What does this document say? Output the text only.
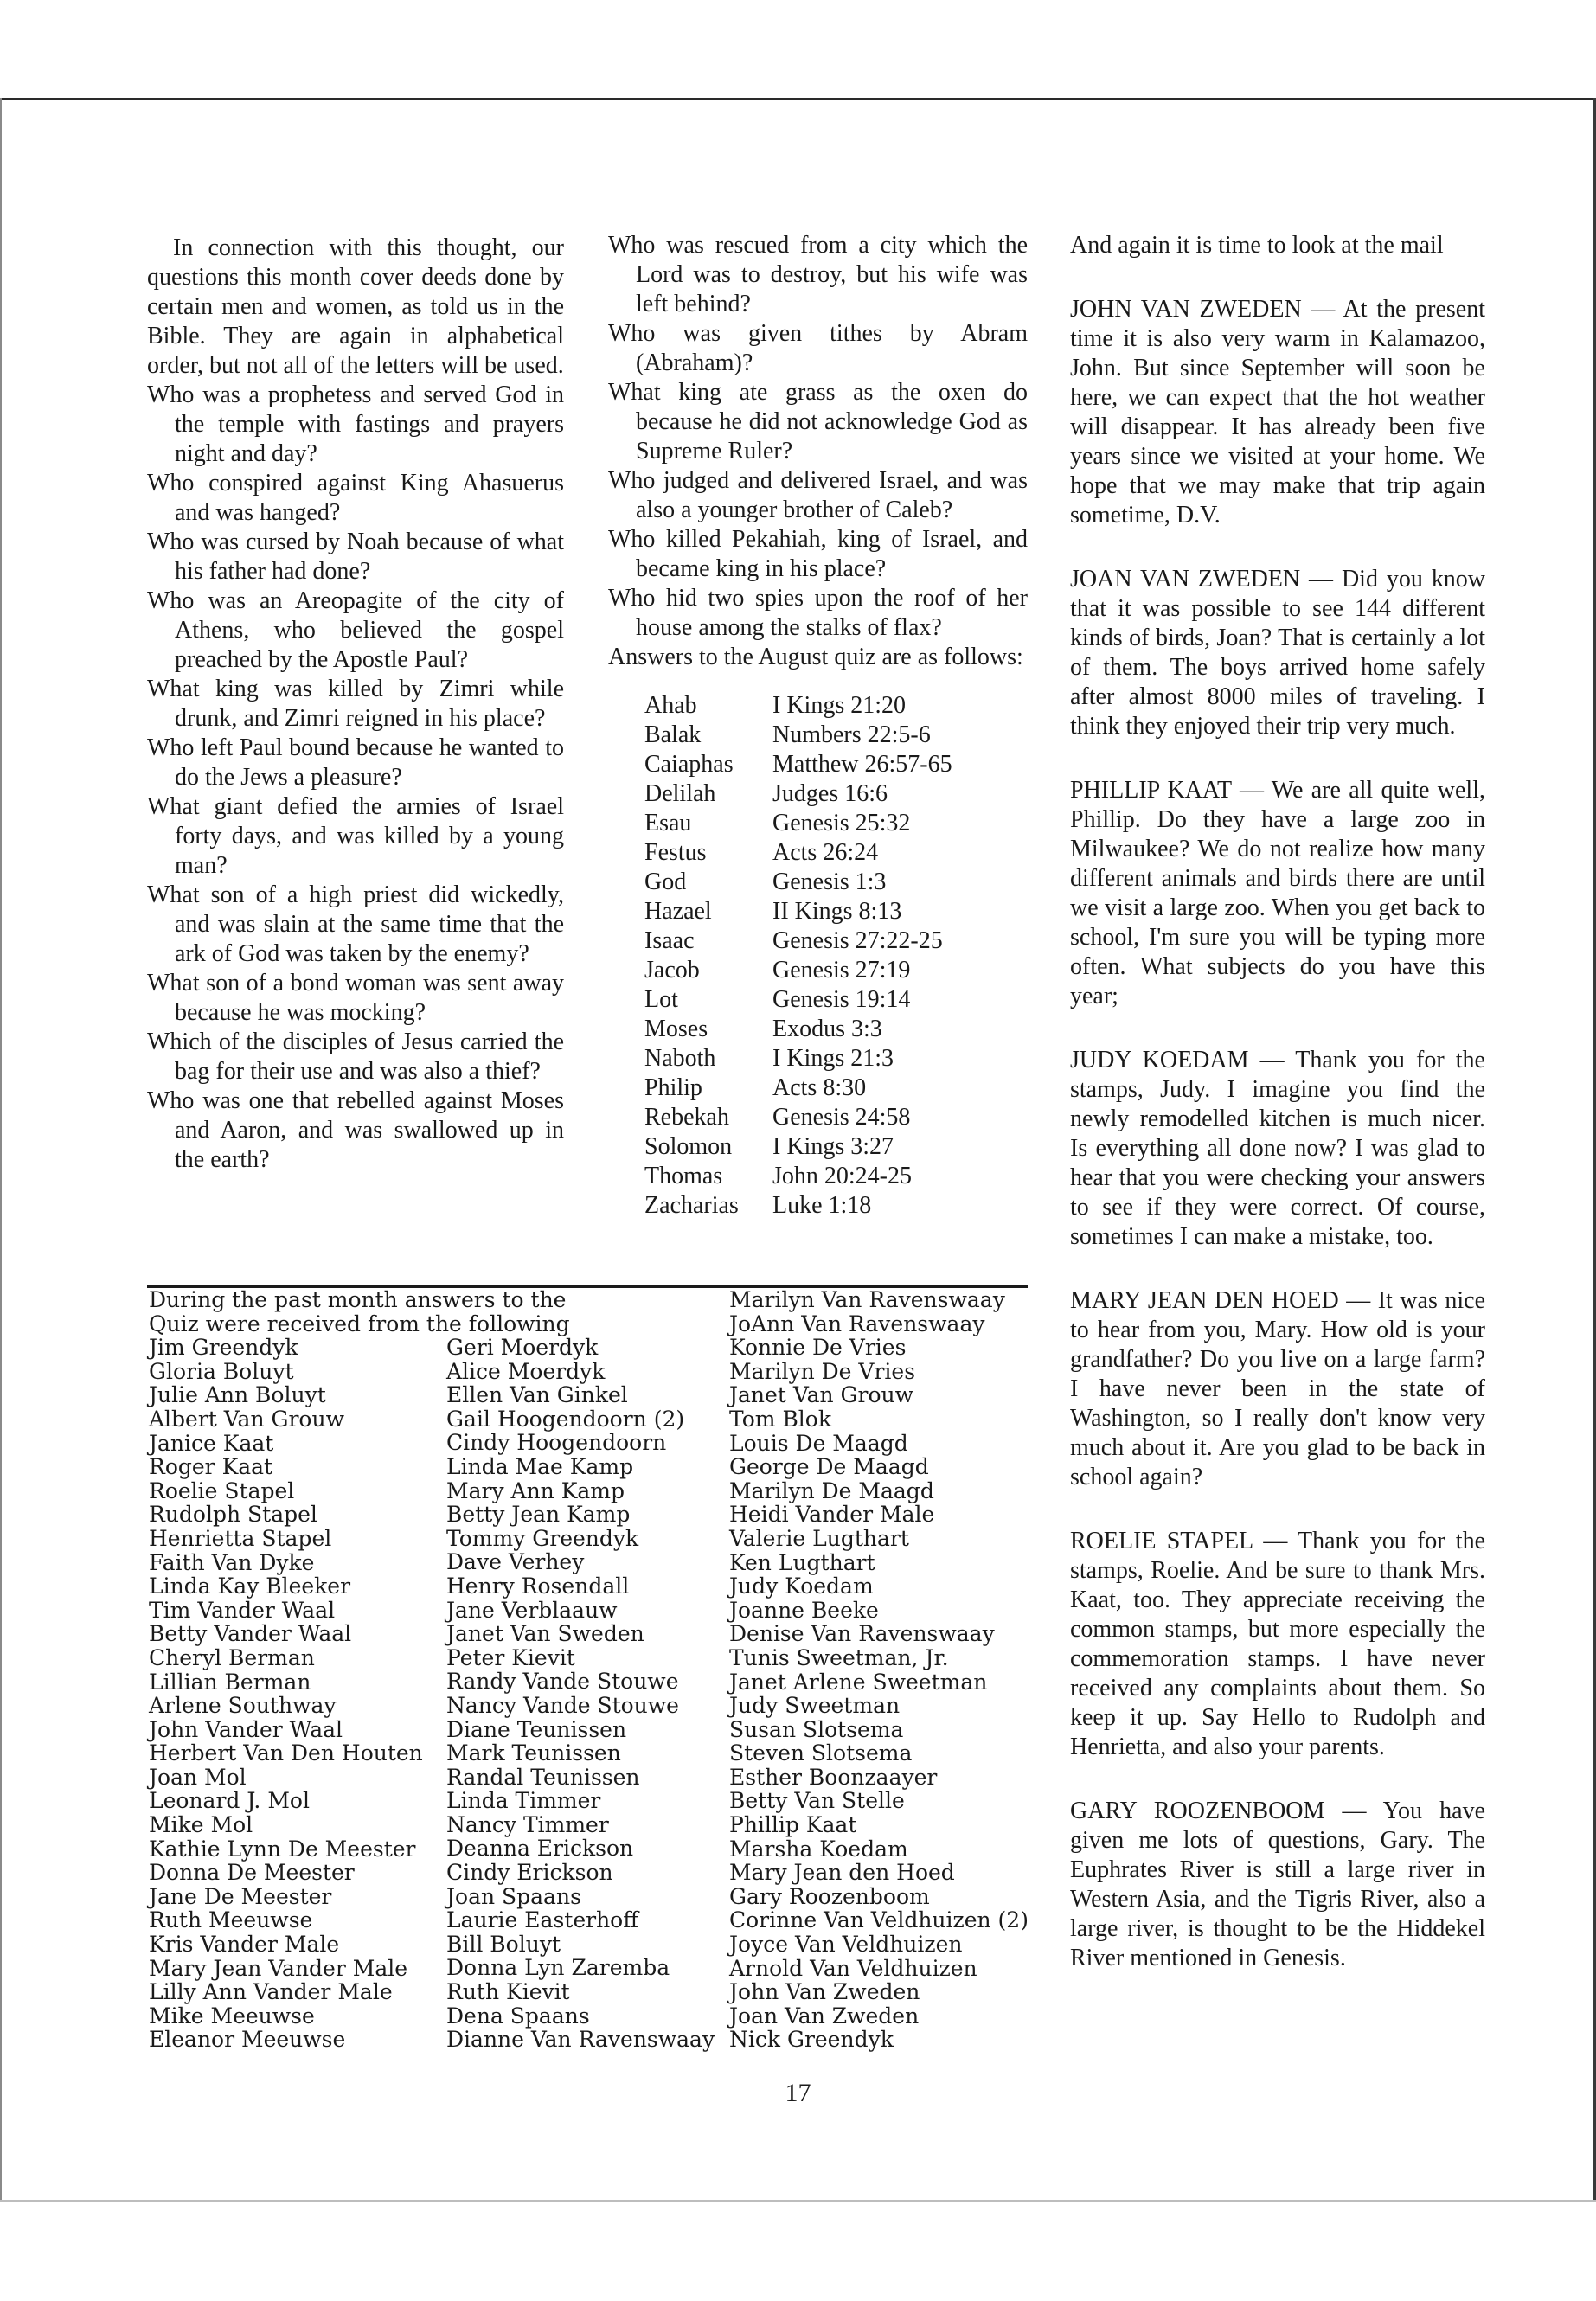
In connection with this thought, our questions this month cover deeds done by certain men and women, as told us in the Bible. They are again in alphabetical order, but not all of the letters will be used.

Who was a prophetess and served God in the temple with fastings and prayers night and day?
Who conspired against King Ahasuerus and was hanged?
Who was cursed by Noah because of what his father had done?
Who was an Areopagite of the city of Athens, who believed the gospel preached by the Apostle Paul?
What king was killed by Zimri while drunk, and Zimri reigned in his place?
Who left Paul bound because he wanted to do the Jews a pleasure?
What giant defied the armies of Israel forty days, and was killed by a young man?
What son of a high priest did wickedly, and was slain at the same time that the ark of God was taken by the enemy?
What son of a bond woman was sent away because he was mocking?
Which of the disciples of Jesus carried the bag for their use and was also a thief?
Who was one that rebelled against Moses and Aaron, and was swallowed up in the earth?
Who was rescued from a city which the Lord was to destroy, but his wife was left behind?
Who was given tithes by Abram (Abraham)?
What king ate grass as the oxen do because he did not acknowledge God as Supreme Ruler?
Who judged and delivered Israel, and was also a younger brother of Caleb?
Who killed Pekahiah, king of Israel, and became king in his place?
Who hid two spies upon the roof of her house among the stalks of flax?
Answers to the August quiz are as follows:
Ahab	I Kings 21:20
Balak	Numbers 22:5-6
Caiaphas	Matthew 26:57-65
Delilah	Judges 16:6
Esau	Genesis 25:32
Festus	Acts 26:24
God	Genesis 1:3
Hazael	II Kings 8:13
Isaac	Genesis 27:22-25
Jacob	Genesis 27:19
Lot	Genesis 19:14
Moses	Exodus 3:3
Naboth	I Kings 21:3
Philip	Acts 8:30
Rebekah	Genesis 24:58
Solomon	I Kings 3:27
Thomas	John 20:24-25
Zacharias	Luke 1:18

And again it is time to look at the mail

JOHN VAN ZWEDEN — At the present time it is also very warm in Kalamazoo, John. But since September will soon be here, we can expect that the hot weather will disappear. It has already been five years since we visited at your home. We hope that we may make that trip again sometime, D.V.

JOAN VAN ZWEDEN — Did you know that it was possible to see 144 different kinds of birds, Joan? That is certainly a lot of them. The boys arrived home safely after almost 8000 miles of traveling. I think they enjoyed their trip very much.

PHILLIP KAAT — We are all quite well, Phillip. Do they have a large zoo in Milwaukee? We do not realize how many different animals and birds there are until we visit a large zoo. When you get back to school, I'm sure you will be typing more often. What subjects do you have this year;

JUDY KOEDAM — Thank you for the stamps, Judy. I imagine you find the newly remodelled kitchen is much nicer. Is everything all done now? I was glad to hear that you were checking your answers to see if they were correct. Of course, sometimes I can make a mistake, too.

MARY JEAN DEN HOED — It was nice to hear from you, Mary. How old is your grandfather? Do you live on a large farm? I have never been in the state of Washington, so I really don't know very much about it. Are you glad to be back in school again?

ROELIE STAPEL — Thank you for the stamps, Roelie. And be sure to thank Mrs. Kaat, too. They appreciate receiving the common stamps, but more especially the commemoration stamps. I have never received any complaints about them. So keep it up. Say Hello to Rudolph and Henrietta, and also your parents.

GARY ROOZENBOOM — You have given me lots of questions, Gary. The Euphrates River is still a large river in Western Asia, and the Tigris River, also a large river, is thought to be the Hiddekel River mentioned in Genesis.

During the past month answers to the
Quiz were received from the following
Jim Greendyk
Gloria Boluyt
Julie Ann Boluyt
Albert Van Grouw
Janice Kaat
Roger Kaat
Roelie Stapel
Rudolph Stapel
Henrietta Stapel
Faith Van Dyke
Linda Kay Bleeker
Tim Vander Waal
Betty Vander Waal
Cheryl Berman
Lillian Berman
Arlene Southway
John Vander Waal
Herbert Van Den Houten
Joan Mol
Leonard J. Mol
Mike Mol
Kathie Lynn De Meester
Donna De Meester
Jane De Meester
Ruth Meeuwse
Kris Vander Male
Mary Jean Vander Male
Lilly Ann Vander Male
Mike Meeuwse
Eleanor Meeuwse
Geri Moerdyk
Alice Moerdyk
Ellen Van Ginkel
Gail Hoogendoorn (2)
Cindy Hoogendoorn
Linda Mae Kamp
Mary Ann Kamp
Betty Jean Kamp
Tommy Greendyk
Dave Verhey
Henry Rosendall
Jane Verblaauw
Janet Van Sweden
Peter Kievit
Randy Vande Stouwe
Nancy Vande Stouwe
Diane Teunissen
Mark Teunissen
Randal Teunissen
Linda Timmer
Nancy Timmer
Deanna Erickson
Cindy Erickson
Joan Spaans
Laurie Easterhoff
Bill Boluyt
Donna Lyn Zaremba
Ruth Kievit
Dena Spaans
Dianne Van Ravenswaay
Marilyn Van Ravenswaay
JoAnn Van Ravenswaay
Konnie De Vries
Marilyn De Vries
Janet Van Grouw
Tom Blok
Louis De Maagd
George De Maagd
Marilyn De Maagd
Heidi Vander Male
Valerie Lugthart
Ken Lugthart
Judy Koedam
Joanne Beeke
Denise Van Ravenswaay
Tunis Sweetman, Jr.
Janet Arlene Sweetman
Judy Sweetman
Susan Slotsema
Steven Slotsema
Esther Boonzaayer
Betty Van Stelle
Phillip Kaat
Marsha Koedam
Mary Jean den Hoed
Gary Roozenboom
Corinne Van Veldhuizen (2)
Joyce Van Veldhuizen
Arnold Van Veldhuizen
John Van Zweden
Joan Van Zweden
Nick Greendyk
17
